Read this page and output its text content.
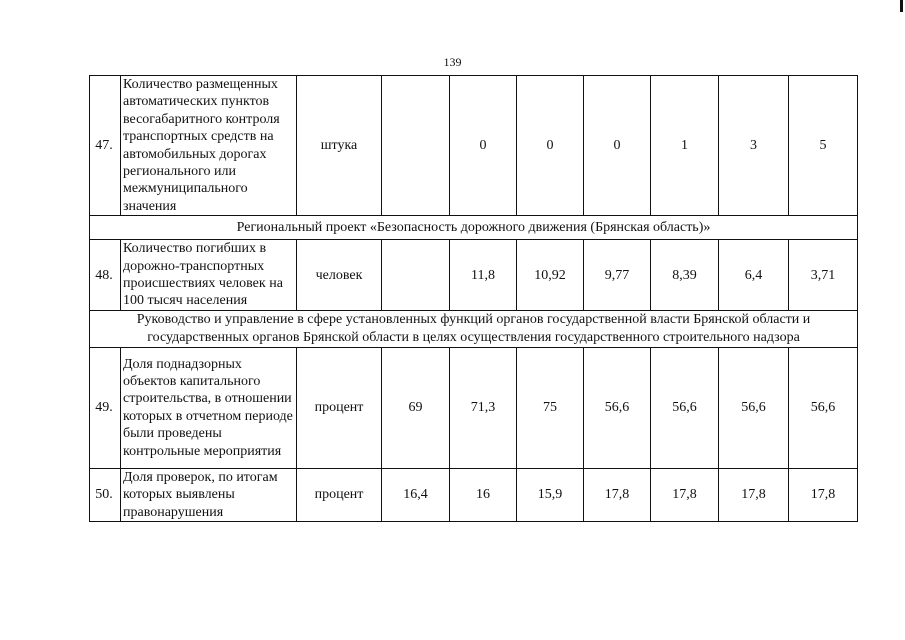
139
47.	Количество размещенных автоматических пунктов весогабаритного контроля транспортных средств на автомобильных дорогах регионального или межмуниципального значения	штука		0	0	0	1	3	5
Региональный проект «Безопасность дорожного движения (Брянская область)»									
48.	Количество погибших в дорожно-транспортных происшествиях человек на 100 тысяч населения	человек		11,8	10,92	9,77	8,39	6,4	3,71
Руководство и управление в сфере установленных функций органов государственной власти Брянской области и государственных органов Брянской области в целях осуществления государственного строительного надзора									
49.	Доля поднадзорных объектов капитального строительства, в отношении которых в отчетном периоде были проведены контрольные мероприятия	процент	69	71,3	75	56,6	56,6	56,6	56,6
50.	Доля проверок, по итогам которых выявлены правонарушения	процент	16,4	16	15,9	17,8	17,8	17,8	17,8
